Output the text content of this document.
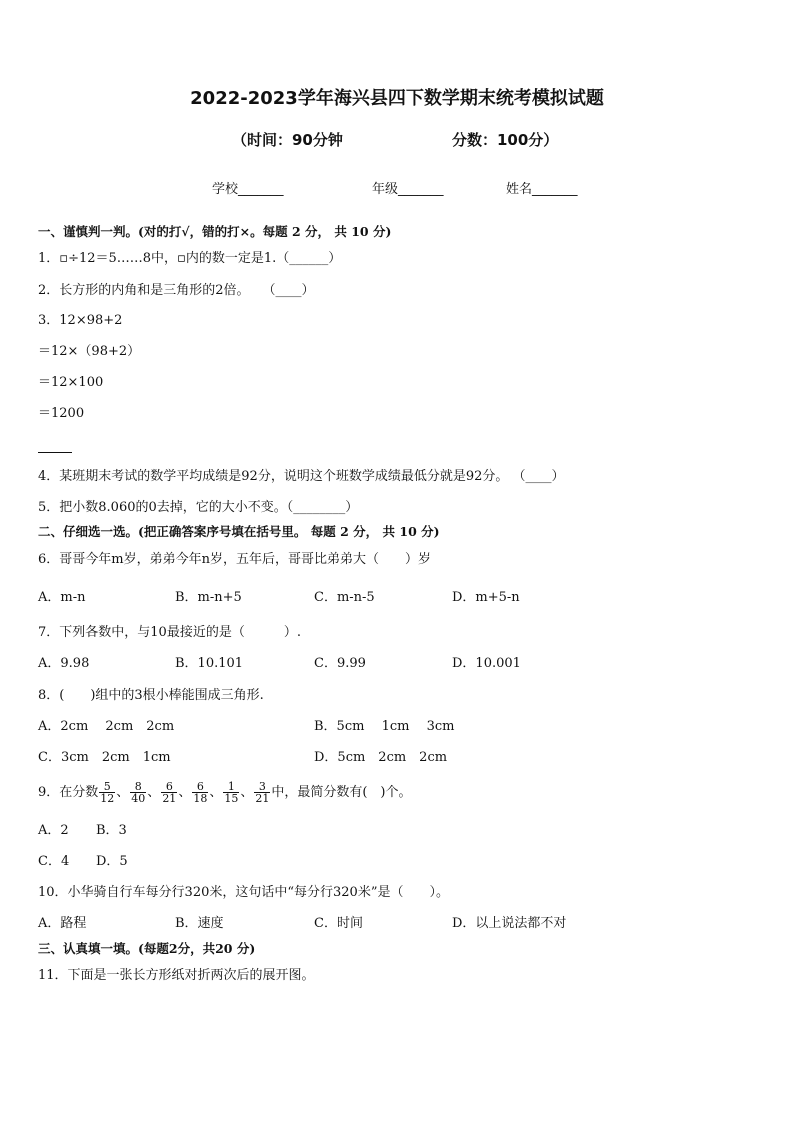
2022-2023学年海兴县四下数学期末统考模拟试题
（时间：90分钟	分数：100分）
学校_______	年级_______	姓名_______
一、谨慎判一判。(对的打√，错的打×。每题 2 分， 共 10 分)
1．▫÷12＝5……8中，▫内的数一定是1.（______）
2．长方形的内角和是三角形的2倍。　　（____）
3．12×98+2
＝12×（98+2）
＝12×100
＝1200
4．某班期末考试的数学平均成绩是92分，说明这个班数学成绩最低分就是92分。 （____）
5．把小数8.060的0去掉，它的大小不变。（________）
二、仔细选一选。(把正确答案序号填在括号里。 每题 2 分， 共 10 分)
6．哥哥今年m岁，弟弟今年n岁，五年后，哥哥比弟弟大（　　）岁
A．m-n	B．m-n+5	C．m-n-5	D．m+5-n
7．下列各数中，与10最接近的是（　　　）.
A．9.98	B．10.101	C．9.99	D．10.001
8．(　　)组中的3根小棒能围成三角形.
A．2cm　 2cm　2cm	B．5cm　 1cm　 3cm
C．3cm　2cm　1cm	D．5cm　2cm　2cm
9．在分数 $\frac{5}{12}$ 、 $\frac{8}{40}$ 、 $\frac{6}{21}$ 、 $\frac{6}{18}$ 、 $\frac{1}{15}$ 、 $\frac{3}{21}$ 中，最简分数有(　)个。
A．2 B．3
C．4 D．5
10．小华骑自行车每分行320米，这句话中“每分行320米”是（　　）。
A．路程	B．速度	C．时间	D．以上说法都不对
三、认真填一填。(每题2分，共20 分)
11．下面是一张长方形纸对折两次后的展开图。
